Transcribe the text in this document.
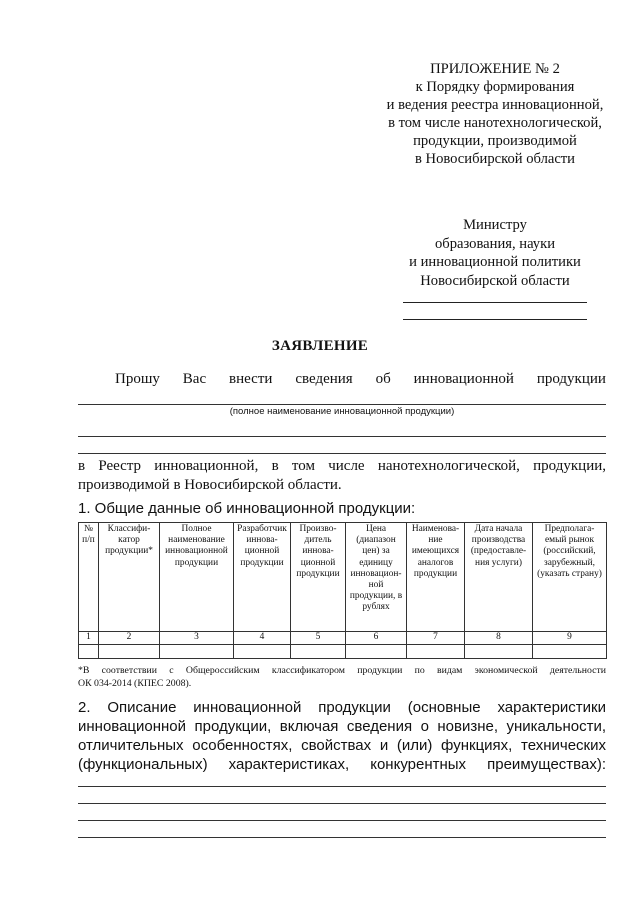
ПРИЛОЖЕНИЕ № 2
к Порядку формирования
и ведения реестра инновационной,
в том числе нанотехнологической,
продукции, производимой
в Новосибирской области
Министру
образования, науки
и инновационной политики
Новосибирской области
ЗАЯВЛЕНИЕ
Прошу Вас внести сведения об инновационной продукции
(полное наименование инновационной продукции)
в Реестр инновационной, в том числе нанотехнологической, продукции,
производимой в Новосибирской области.
1. Общие данные об инновационной продукции:
№ п/п	Классифи-катор продукции*	Полное наименование инновационной продукции	Разработчик иннова-ционной продукции	Произво-дитель иннова-ционной продукции	Цена (диапазон цен) за единицу инновацион-ной продукции, в рублях	Наименова-ние имеющихся аналогов продукции	Дата начала производства (предоставле-ния услуги)	Предполага-емый рынок (российский, зарубежный, (указать страну)
1	2	3	4	5	6	7	8	9

*В соответствии с Общероссийским классификатором продукции по видам экономической деятельности
ОК 034-2014 (КПЕС 2008).
2. Описание инновационной продукции (основные характеристики
инновационной продукции, включая сведения о новизне, уникальности,
отличительных особенностях, свойствах и (или) функциях, технических
(функциональных) характеристиках, конкурентных преимуществах):
